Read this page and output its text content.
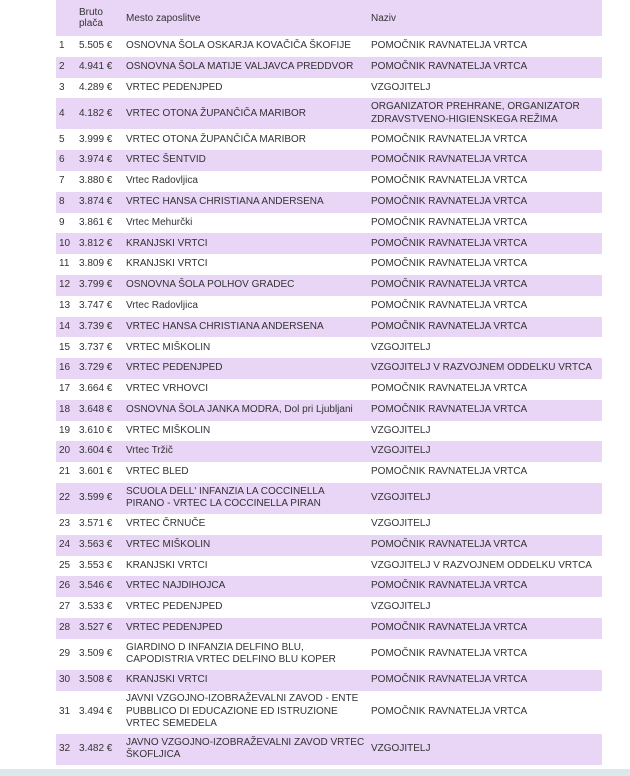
	Bruto plača	Mesto zaposlitve	Naziv
1	5.505 €	OSNOVNA ŠOLA OSKARJA KOVAČIČA ŠKOFIJE	POMOČNIK RAVNATELJA VRTCA
2	4.941 €	OSNOVNA ŠOLA MATIJE VALJAVCA PREDDVOR	POMOČNIK RAVNATELJA VRTCA
3	4.289 €	VRTEC PEDENJPED	VZGOJITELJ
4	4.182 €	VRTEC OTONA ŽUPANČIČA MARIBOR	ORGANIZATOR PREHRANE, ORGANIZATOR ZDRAVSTVENO-HIGIENSKEGA REŽIMA
5	3.999 €	VRTEC OTONA ŽUPANČIČA MARIBOR	POMOČNIK RAVNATELJA VRTCA
6	3.974 €	VRTEC ŠENTVID	POMOČNIK RAVNATELJA VRTCA
7	3.880 €	Vrtec Radovljica	POMOČNIK RAVNATELJA VRTCA
8	3.874 €	VRTEC HANSA CHRISTIANA ANDERSENA	POMOČNIK RAVNATELJA VRTCA
9	3.861 €	Vrtec Mehurčki	POMOČNIK RAVNATELJA VRTCA
10	3.812 €	KRANJSKI VRTCI	POMOČNIK RAVNATELJA VRTCA
11	3.809 €	KRANJSKI VRTCI	POMOČNIK RAVNATELJA VRTCA
12	3.799 €	OSNOVNA ŠOLA POLHOV GRADEC	POMOČNIK RAVNATELJA VRTCA
13	3.747 €	Vrtec Radovljica	POMOČNIK RAVNATELJA VRTCA
14	3.739 €	VRTEC HANSA CHRISTIANA ANDERSENA	POMOČNIK RAVNATELJA VRTCA
15	3.737 €	VRTEC MIŠKOLIN	VZGOJITELJ
16	3.729 €	VRTEC PEDENJPED	VZGOJITELJ V RAZVOJNEM ODDELKU VRTCA
17	3.664 €	VRTEC VRHOVCI	POMOČNIK RAVNATELJA VRTCA
18	3.648 €	OSNOVNA ŠOLA JANKA MODRA, Dol pri Ljubljani	POMOČNIK RAVNATELJA VRTCA
19	3.610 €	VRTEC MIŠKOLIN	VZGOJITELJ
20	3.604 €	Vrtec Tržič	VZGOJITELJ
21	3.601 €	VRTEC BLED	POMOČNIK RAVNATELJA VRTCA
22	3.599 €	SCUOLA DELL' INFANZIA LA COCCINELLA PIRANO - VRTEC LA COCCINELLA PIRAN	VZGOJITELJ
23	3.571 €	VRTEC ČRNUČE	VZGOJITELJ
24	3.563 €	VRTEC MIŠKOLIN	POMOČNIK RAVNATELJA VRTCA
25	3.553 €	KRANJSKI VRTCI	VZGOJITELJ V RAZVOJNEM ODDELKU VRTCA
26	3.546 €	VRTEC NAJDIHOJCA	POMOČNIK RAVNATELJA VRTCA
27	3.533 €	VRTEC PEDENJPED	VZGOJITELJ
28	3.527 €	VRTEC PEDENJPED	POMOČNIK RAVNATELJA VRTCA
29	3.509 €	GIARDINO D INFANZIA DELFINO BLU, CAPODISTRIA VRTEC DELFINO BLU KOPER	POMOČNIK RAVNATELJA VRTCA
30	3.508 €	KRANJSKI VRTCI	POMOČNIK RAVNATELJA VRTCA
31	3.494 €	JAVNI VZGOJNO-IZOBRAŽEVALNI ZAVOD - ENTE PUBBLICO DI EDUCAZIONE ED ISTRUZIONE VRTEC SEMEDELA	POMOČNIK RAVNATELJA VRTCA
32	3.482 €	JAVNO VZGOJNO-IZOBRAŽEVALNI ZAVOD VRTEC ŠKOFLJICA	VZGOJITELJ
